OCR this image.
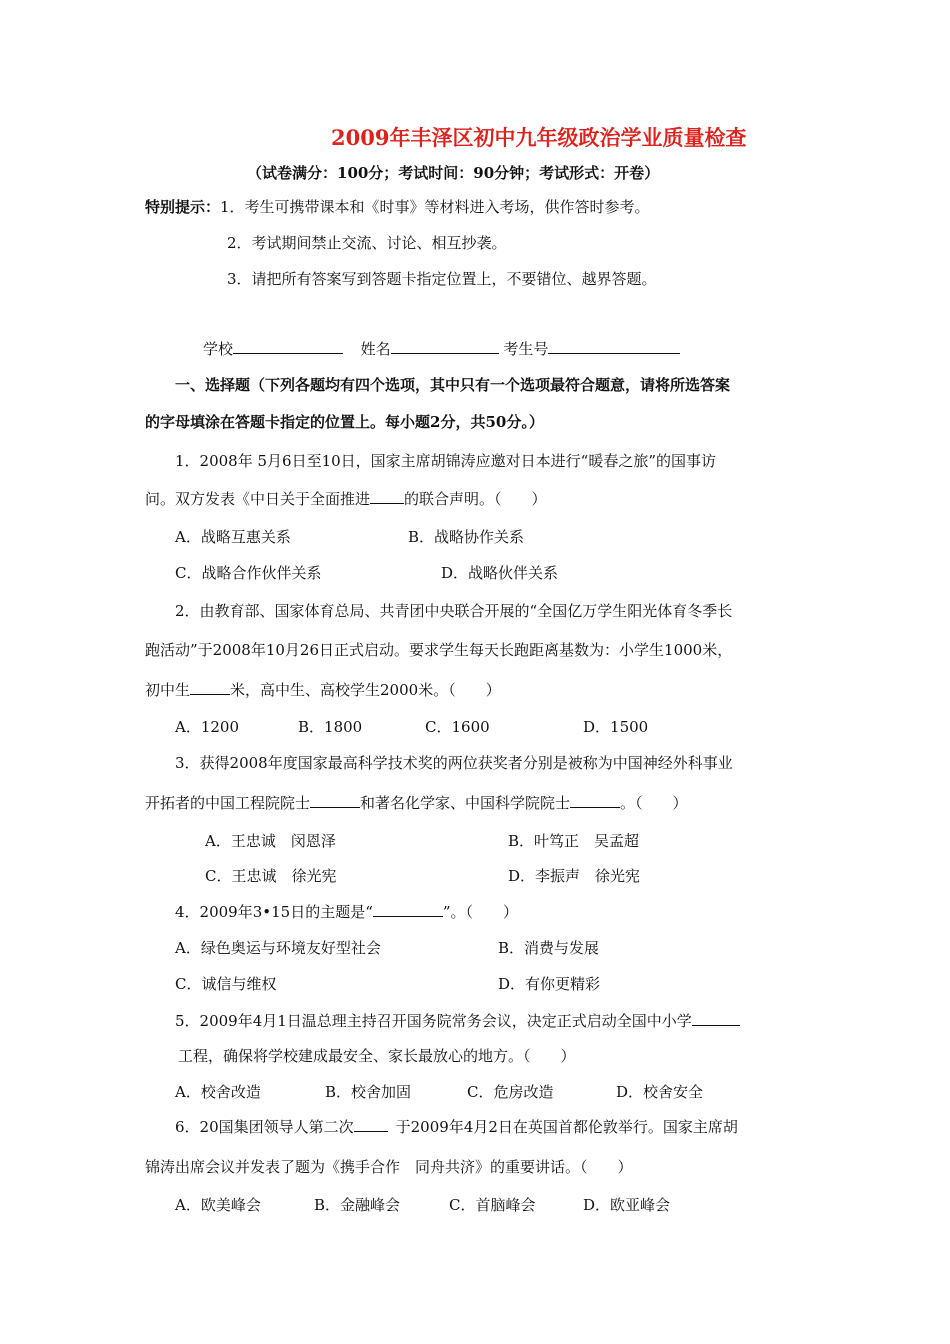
2009年丰泽区初中九年级政治学业质量检查
（试卷满分：100分；考试时间：90分钟；考试形式：开卷）
特别提示：1．考生可携带课本和《时事》等材料进入考场，供作答时参考。
2．考试期间禁止交流、讨论、相互抄袭。
3．请把所有答案写到答题卡指定位置上，不要错位、越界答题。
学校	姓名	考生号
一、选择题（下列各题均有四个选项，其中只有一个选项最符合题意，请将所选答案
的字母填涂在答题卡指定的位置上。每小题2分，共50分。）
1．2008年 5月6日至10日，国家主席胡锦涛应邀对日本进行“暖春之旅”的国事访
问。双方发表《中日关于全面推进 的联合声明。（　　）
A．战略互惠关系	B．战略协作关系
C．战略合作伙伴关系	D．战略伙伴关系
2．由教育部、国家体育总局、共青团中央联合开展的“全国亿万学生阳光体育冬季长
跑活动”于2008年10月26日正式启动。要求学生每天长跑距离基数为：小学生1000米，
初中生	米，高中生、高校学生2000米。（　　）
A．1200	B．1800	C．1600	D．1500
3．获得2008年度国家最高科学技术奖的两位获奖者分别是被称为中国神经外科事业
开拓者的中国工程院院士	和著名化学家、中国科学院院士	。（　　）
A．王忠诚　闵恩泽	B．叶笃正　吴孟超
C．王忠诚　徐光宪	D．李振声　徐光宪
4．2009年3•15日的主题是“	”。（　　）
A．绿色奥运与环境友好型社会	B．消费与发展
C．诚信与维权	D．有你更精彩
5．2009年4月1日温总理主持召开国务院常务会议，决定正式启动全国中小学
工程，确保将学校建成最安全、家长最放心的地方。（　　）
A．校舍改造	B．校舍加固	C．危房改造	D．校舍安全
6．20国集团领导人第二次	于2009年4月2日在英国首都伦敦举行。国家主席胡
锦涛出席会议并发表了题为《携手合作　同舟共济》的重要讲话。（　　）
A．欧美峰会	B．金融峰会	C．首脑峰会	D．欧亚峰会
